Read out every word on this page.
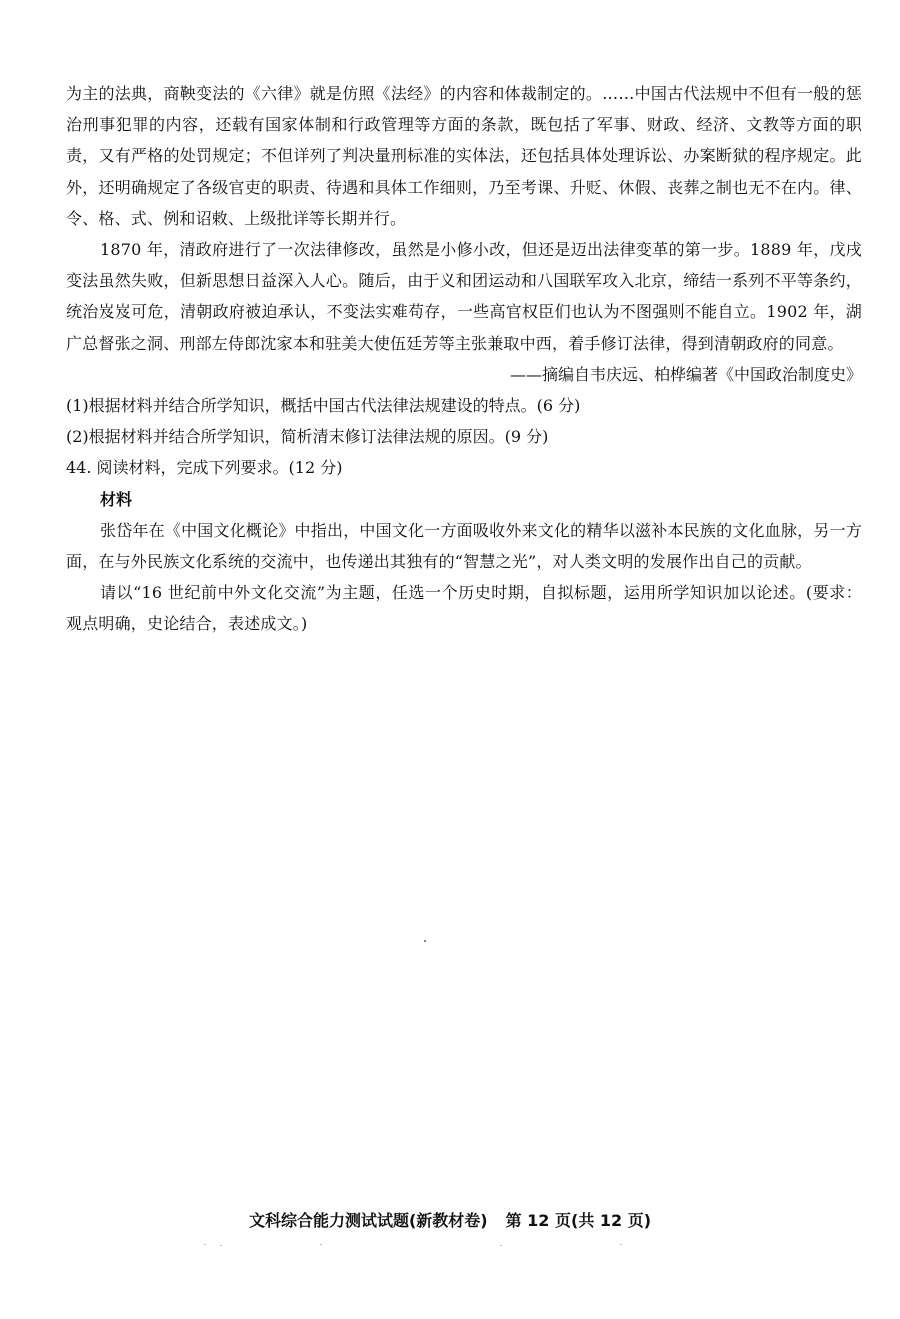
为主的法典，商鞅变法的《六律》就是仿照《法经》的内容和体裁制定的。……中国古代法规中不但有一般的惩治刑事犯罪的内容，还载有国家体制和行政管理等方面的条款，既包括了军事、财政、经济、文教等方面的职责，又有严格的处罚规定；不但详列了判决量刑标准的实体法，还包括具体处理诉讼、办案断狱的程序规定。此外，还明确规定了各级官吏的职责、待遇和具体工作细则，乃至考课、升贬、休假、丧葬之制也无不在内。律、令、格、式、例和诏敕、上级批详等长期并行。

1870 年，清政府进行了一次法律修改，虽然是小修小改，但还是迈出法律变革的第一步。1889 年，戊戌变法虽然失败，但新思想日益深入人心。随后，由于义和团运动和八国联军攻入北京，缔结一系列不平等条约，统治岌岌可危，清朝政府被迫承认，不变法实难苟存，一些高官权臣们也认为不图强则不能自立。1902 年，湖广总督张之洞、刑部左侍郎沈家本和驻美大使伍廷芳等主张兼取中西，着手修订法律，得到清朝政府的同意。

——摘编自韦庆远、柏桦编著《中国政治制度史》

(1)根据材料并结合所学知识，概括中国古代法律法规建设的特点。(6 分)

(2)根据材料并结合所学知识，简析清末修订法律法规的原因。(9 分)

44. 阅读材料，完成下列要求。(12 分)

材料

张岱年在《中国文化概论》中指出，中国文化一方面吸收外来文化的精华以滋补本民族的文化血脉，另一方面，在与外民族文化系统的交流中，也传递出其独有的“智慧之光”，对人类文明的发展作出自己的贡献。

请以“16 世纪前中外文化交流”为主题，任选一个历史时期，自拟标题，运用所学知识加以论述。(要求：观点明确，史论结合，表述成文。)

文科综合能力测试试题(新教材卷) 第 12 页(共 12 页)
